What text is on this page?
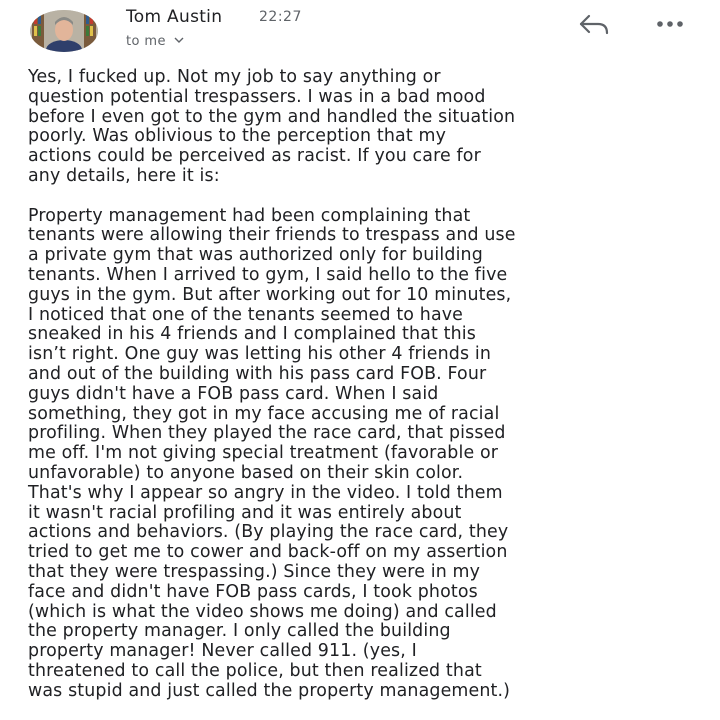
Tom Austin	22:27
to me
Yes, I fucked up. Not my job to say anything or
question potential trespassers. I was in a bad mood
before I even got to the gym and handled the situation
poorly. Was oblivious to the perception that my
actions could be perceived as racist. If you care for
any details, here it is:
Property management had been complaining that
tenants were allowing their friends to trespass and use
a private gym that was authorized only for building
tenants. When I arrived to gym, I said hello to the five
guys in the gym. But after working out for 10 minutes,
I noticed that one of the tenants seemed to have
sneaked in his 4 friends and I complained that this
isn’t right. One guy was letting his other 4 friends in
and out of the building with his pass card FOB. Four
guys didn't have a FOB pass card. When I said
something, they got in my face accusing me of racial
profiling. When they played the race card, that pissed
me off. I'm not giving special treatment (favorable or
unfavorable) to anyone based on their skin color.
That's why I appear so angry in the video. I told them
it wasn't racial profiling and it was entirely about
actions and behaviors. (By playing the race card, they
tried to get me to cower and back-off on my assertion
that they were trespassing.) Since they were in my
face and didn't have FOB pass cards, I took photos
(which is what the video shows me doing) and called
the property manager. I only called the building
property manager! Never called 911. (yes, I
threatened to call the police, but then realized that
was stupid and just called the property management.)
